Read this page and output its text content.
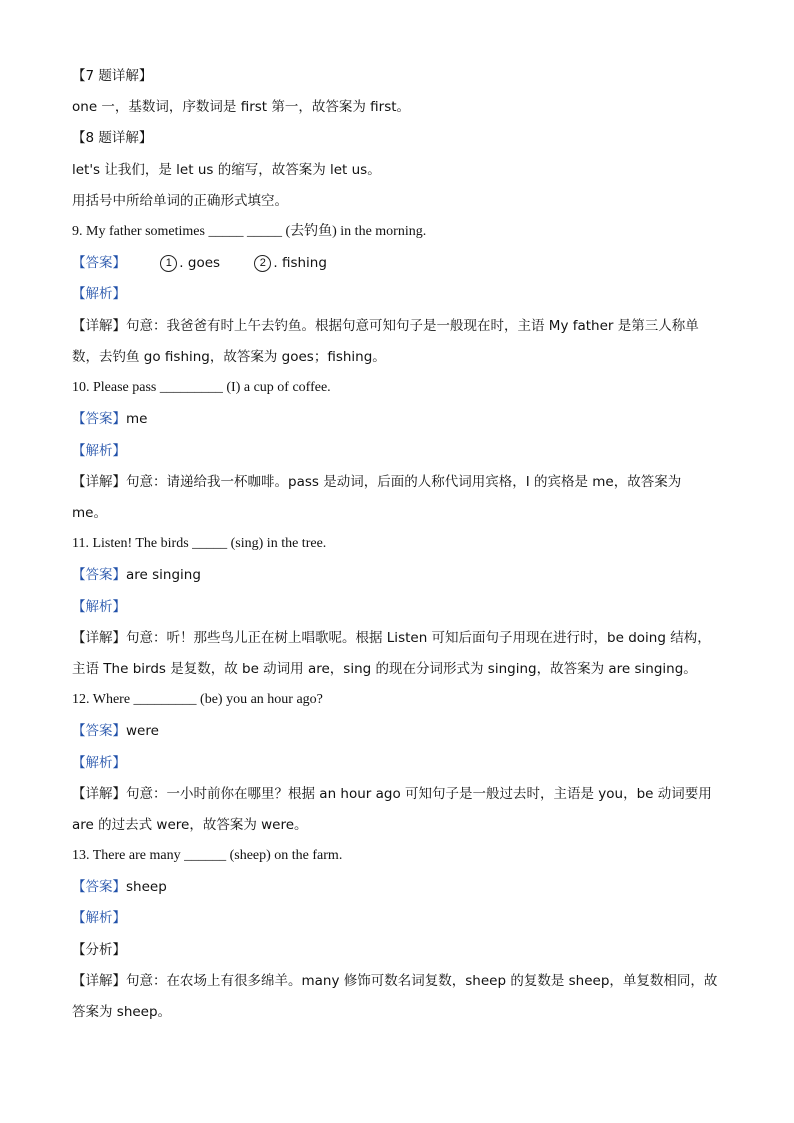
【7 题详解】
one 一，基数词，序数词是 first 第一，故答案为 first。
【8 题详解】
let's 让我们，是 let us 的缩写，故答案为 let us。
用括号中所给单词的正确形式填空。
9. My father sometimes _____ _____ (去钓鱼) in the morning.
【答案】	1 . goes	2 . fishing
【解析】
【详解】句意：我爸爸有时上午去钓鱼。根据句意可知句子是一般现在时，主语 My father 是第三人称单
数，去钓鱼 go fishing，故答案为 goes；fishing。
10. Please pass _________ (I) a cup of coffee.
【答案】me
【解析】
【详解】句意：请递给我一杯咖啡。pass 是动词，后面的人称代词用宾格，I 的宾格是 me，故答案为
me。
11. Listen! The birds _____ (sing) in the tree.
【答案】are singing
【解析】
【详解】句意：听！那些鸟儿正在树上唱歌呢。根据 Listen 可知后面句子用现在进行时，be doing 结构，
主语 The birds 是复数，故 be 动词用 are，sing 的现在分词形式为 singing，故答案为 are singing。
12. Where _________ (be) you an hour ago?
【答案】were
【解析】
【详解】句意：一小时前你在哪里？根据 an hour ago 可知句子是一般过去时，主语是 you，be 动词要用
are 的过去式 were，故答案为 were。
13. There are many ______ (sheep) on the farm.
【答案】sheep
【解析】
【分析】
【详解】句意：在农场上有很多绵羊。many 修饰可数名词复数，sheep 的复数是 sheep，单复数相同，故
答案为 sheep。
